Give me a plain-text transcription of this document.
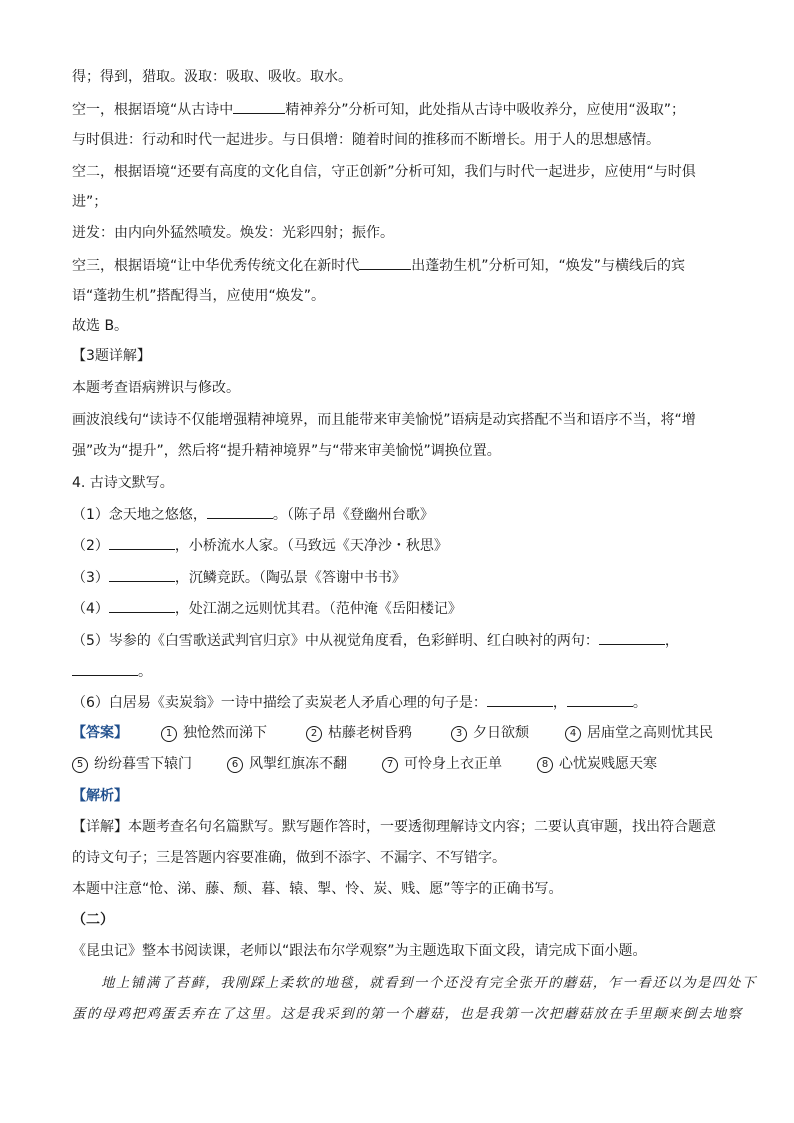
得；得到，猎取。汲取：吸取、吸收。取水。
空一，根据语境“从古诗中	精神养分”分析可知，此处指从古诗中吸收养分，应使用“汲取”；
与时俱进：行动和时代一起进步。与日俱增：随着时间的推移而不断增长。用于人的思想感情。
空二，根据语境“还要有高度的文化自信，守正创新”分析可知，我们与时代一起进步，应使用“与时俱
进”；
迸发：由内向外猛然喷发。焕发：光彩四射；振作。
空三，根据语境“让中华优秀传统文化在新时代	出蓬勃生机”分析可知，“焕发”与横线后的宾
语“蓬勃生机”搭配得当，应使用“焕发”。
故选 B。
【3题详解】
本题考查语病辨识与修改。
画波浪线句“读诗不仅能增强精神境界，而且能带来审美愉悦”语病是动宾搭配不当和语序不当，将“增
强”改为“提升”，然后将“提升精神境界”与“带来审美愉悦”调换位置。
4. 古诗文默写。
（1）念天地之悠悠，	。（陈子昂《登幽州台歌》
（2）	，小桥流水人家。（马致远《天净沙・秋思》
（3）	，沉鳞竞跃。（陶弘景《答谢中书书》
（4）	，处江湖之远则忧其君。（范仲淹《岳阳楼记》
（5）岑参的《白雪歌送武判官归京》中从视觉角度看，色彩鲜明、红白映衬的两句：	，
。
（6）白居易《卖炭翁》一诗中描绘了卖炭老人矛盾心理的句子是：	，	。
【答案】	1 独怆然而涕下	2 枯藤老树昏鸦	3 夕日欲颓	4 居庙堂之高则忧其民
5 纷纷暮雪下辕门	6 风掣红旗冻不翻	7 可怜身上衣正单	8 心忧炭贱愿天寒
【解析】
【详解】本题考查名句名篇默写。默写题作答时，一要透彻理解诗文内容；二要认真审题，找出符合题意
的诗文句子；三是答题内容要准确，做到不添字、不漏字、不写错字。
本题中注意“怆、涕、藤、颓、暮、辕、掣、怜、炭、贱、愿”等字的正确书写。
（二）
《昆虫记》整本书阅读课，老师以“跟法布尔学观察”为主题选取下面文段，请完成下面小题。
地上铺满了苔藓，我刚踩上柔软的地毯，就看到一个还没有完全张开的蘑菇，乍一看还以为是四处下
蛋的母鸡把鸡蛋丢弃在了这里。这是我采到的第一个蘑菇，也是我第一次把蘑菇放在手里颠来倒去地察
